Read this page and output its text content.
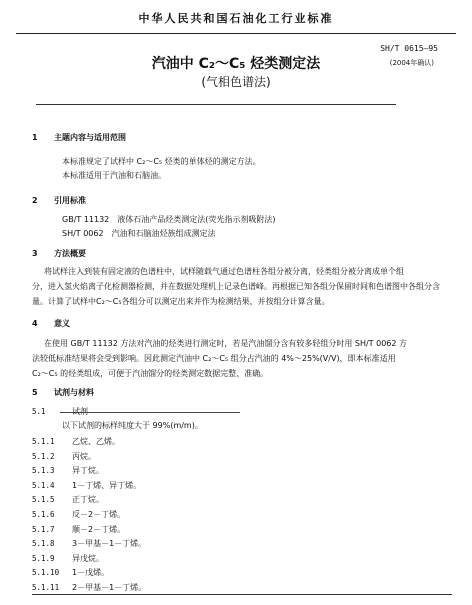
中华人民共和国石油化工行业标准
SH/T 0615—95
(2004年确认)
汽油中 C₂～C₅ 烃类测定法
(气相色谱法)
1 主题内容与适用范围
本标准规定了试样中 C₂～C₅ 烃类的单体烃的测定方法。
本标准适用于汽油和石脑油。
2 引用标准
GB/T 11132　液体石油产品烃类测定法(荧光指示剂吸附法)
SH/T 0062　汽油和石脑油烃族组成测定法
3 方法概要
将试样注入到装有固定液的色谱柱中，试样随载气通过色谱柱各组分被分离，烃类组分被分离成单个组
分，进入氢火焰离子化检测器检测，并在数据处理机上记录色谱峰。再根据已知各组分保留时间和色谱图中各组分含
量。计算了试样中C₂～C₅各组分可以测定出来并作为检测结果，并按组分计算含量。
4 意义
在使用 GB/T 11132 方法对汽油的烃类进行测定时，若是汽油馏分含有较多轻组分时用 SH/T 0062 方
法较低标准结果将会受到影响。因此测定汽油中 C₂～C₅ 组分占汽油的 4%～25%(V/V)，即本标准适用
C₂～C₅ 的烃类组成，可便于汽油馏分的烃类测定数据完整、准确。
5 试剂与材料
5.1	试剂
以下试剂的标样纯度大于 99%(m/m)。
5.1.1 乙烷、乙烯。
5.1.2 丙烷。
5.1.3 异丁烷。
5.1.4 1－丁烯、异丁烯。
5.1.5 正丁烷。
5.1.6 反－2－丁烯。
5.1.7 顺－2－丁烯。
5.1.8 3－甲基－1－丁烯。
5.1.9 异戊烷。
5.1.10 1－戊烯。
5.1.11 2－甲基－1－丁烯。
